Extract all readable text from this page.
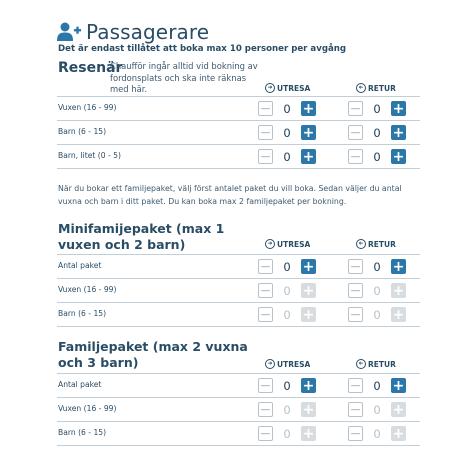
Passagerare
Det är endast tillåtet att boka max 10 personer per avgång
Resenär
Chaufför ingår alltid vid bokning av fordonsplats och ska inte räknas med här.	➜ UTRESA	➜ RETUR
Vuxen (16 - 99)	− 0 +	− 0 +
Barn (6 - 15)	− 0 +	− 0 +
Barn, litet (0 - 5)	− 0 +	− 0 +
När du bokar ett familjepaket, välj först antalet paket du vill boka. Sedan väljer du antal vuxna och barn i ditt paket. Du kan boka max 2 familjepaket per bokning.
Minifamijepaket (max 1 vuxen och 2 barn)	➜ UTRESA	➜ RETUR
Antal paket	− 0 +	− 0 +
Vuxen (16 - 99)	− 0 +	− 0 +
Barn (6 - 15)	− 0 +	− 0 +
Familjepaket (max 2 vuxna och 3 barn)	➜ UTRESA	➜ RETUR
Antal paket	− 0 +	− 0 +
Vuxen (16 - 99)	− 0 +	− 0 +
Barn (6 - 15)	− 0 +	− 0 +
